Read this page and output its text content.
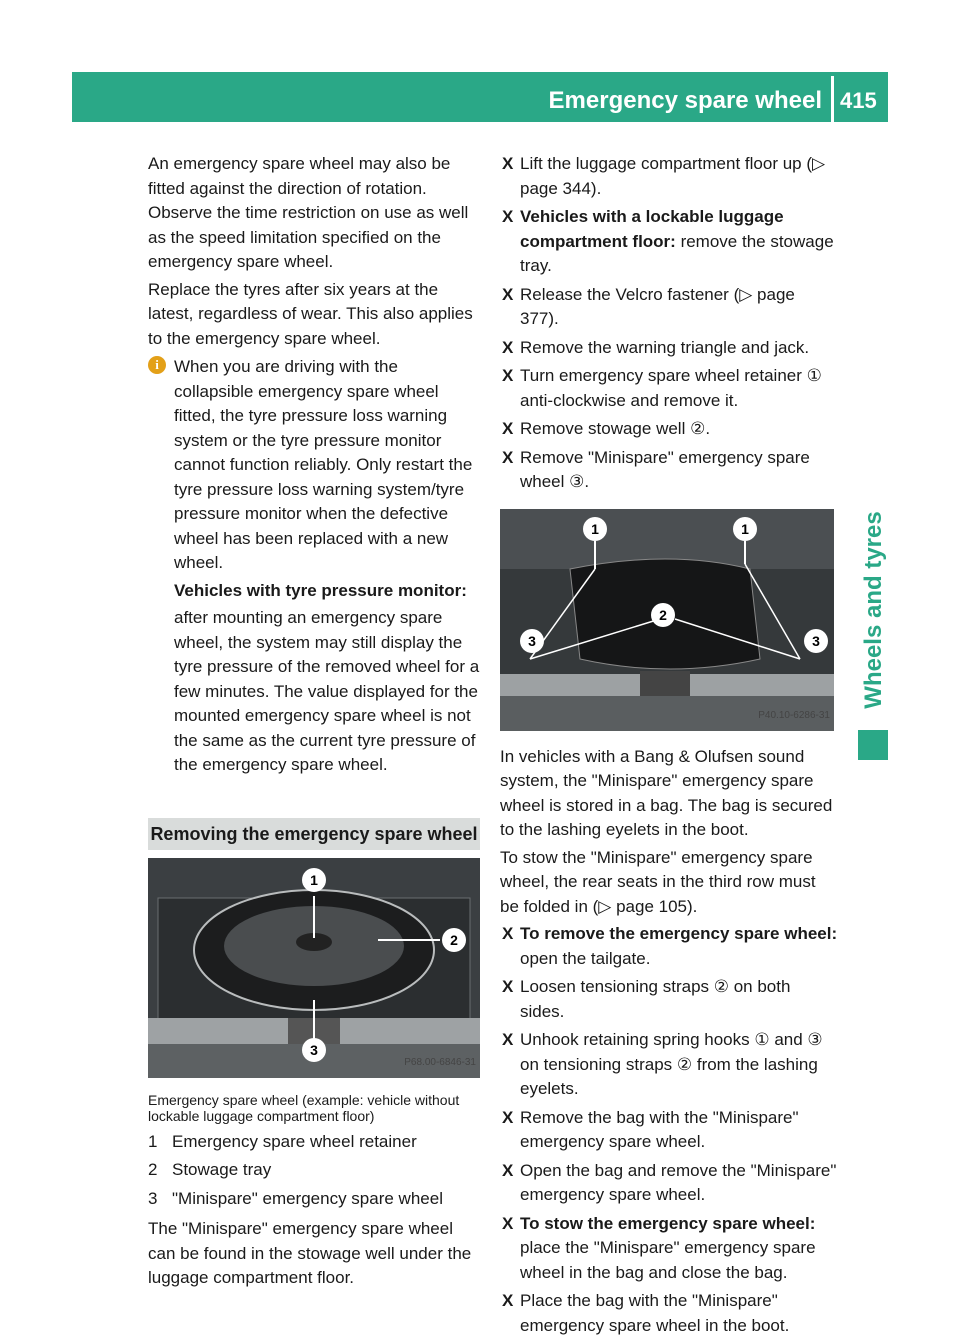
Emergency spare wheel 415
Wheels and tyres

An emergency spare wheel may also be fitted against the direction of rotation. Observe the time restriction on use as well as the speed limitation specified on the emergency spare wheel.

Replace the tyres after six years at the latest, regardless of wear. This also applies to the emergency spare wheel.

i When you are driving with the collapsible emergency spare wheel fitted, the tyre pressure loss warning system or the tyre pressure monitor cannot function reliably. Only restart the tyre pressure loss warning system/tyre pressure monitor when the defective wheel has been replaced with a new wheel.

Vehicles with tyre pressure monitor:

after mounting an emergency spare wheel, the system may still display the tyre pressure of the removed wheel for a few minutes. The value displayed for the mounted emergency spare wheel is not the same as the current tyre pressure of the emergency spare wheel.

Removing the emergency spare wheel
1
2
3
P68.00-6846-31
Emergency spare wheel (example: vehicle without lockable luggage compartment floor)
1 Emergency spare wheel retainer
2 Stowage tray
3 "Minispare" emergency spare wheel

The "Minispare" emergency spare wheel can be found in the stowage well under the luggage compartment floor.

X Lift the luggage compartment floor up (▷ page 344).
X Vehicles with a lockable luggage compartment floor: remove the stowage tray.
X Release the Velcro fastener (▷ page 377).
X Remove the warning triangle and jack.
X Turn emergency spare wheel retainer ① anti-clockwise and remove it.
X Remove stowage well ②.
X Remove "Minispare" emergency spare wheel ③.
1	1
2
3	3
P40.10-6286-31

In vehicles with a Bang & Olufsen sound system, the "Minispare" emergency spare wheel is stored in a bag. The bag is secured to the lashing eyelets in the boot.

To stow the "Minispare" emergency spare wheel, the rear seats in the third row must be folded in (▷ page 105).

X To remove the emergency spare wheel: open the tailgate.
X Loosen tensioning straps ② on both sides.
X Unhook retaining spring hooks ① and ③ on tensioning straps ② from the lashing eyelets.
X Remove the bag with the "Minispare" emergency spare wheel.
X Open the bag and remove the "Minispare" emergency spare wheel.
X To stow the emergency spare wheel: place the "Minispare" emergency spare wheel in the bag and close the bag.
X Place the bag with the "Minispare" emergency spare wheel in the boot.
